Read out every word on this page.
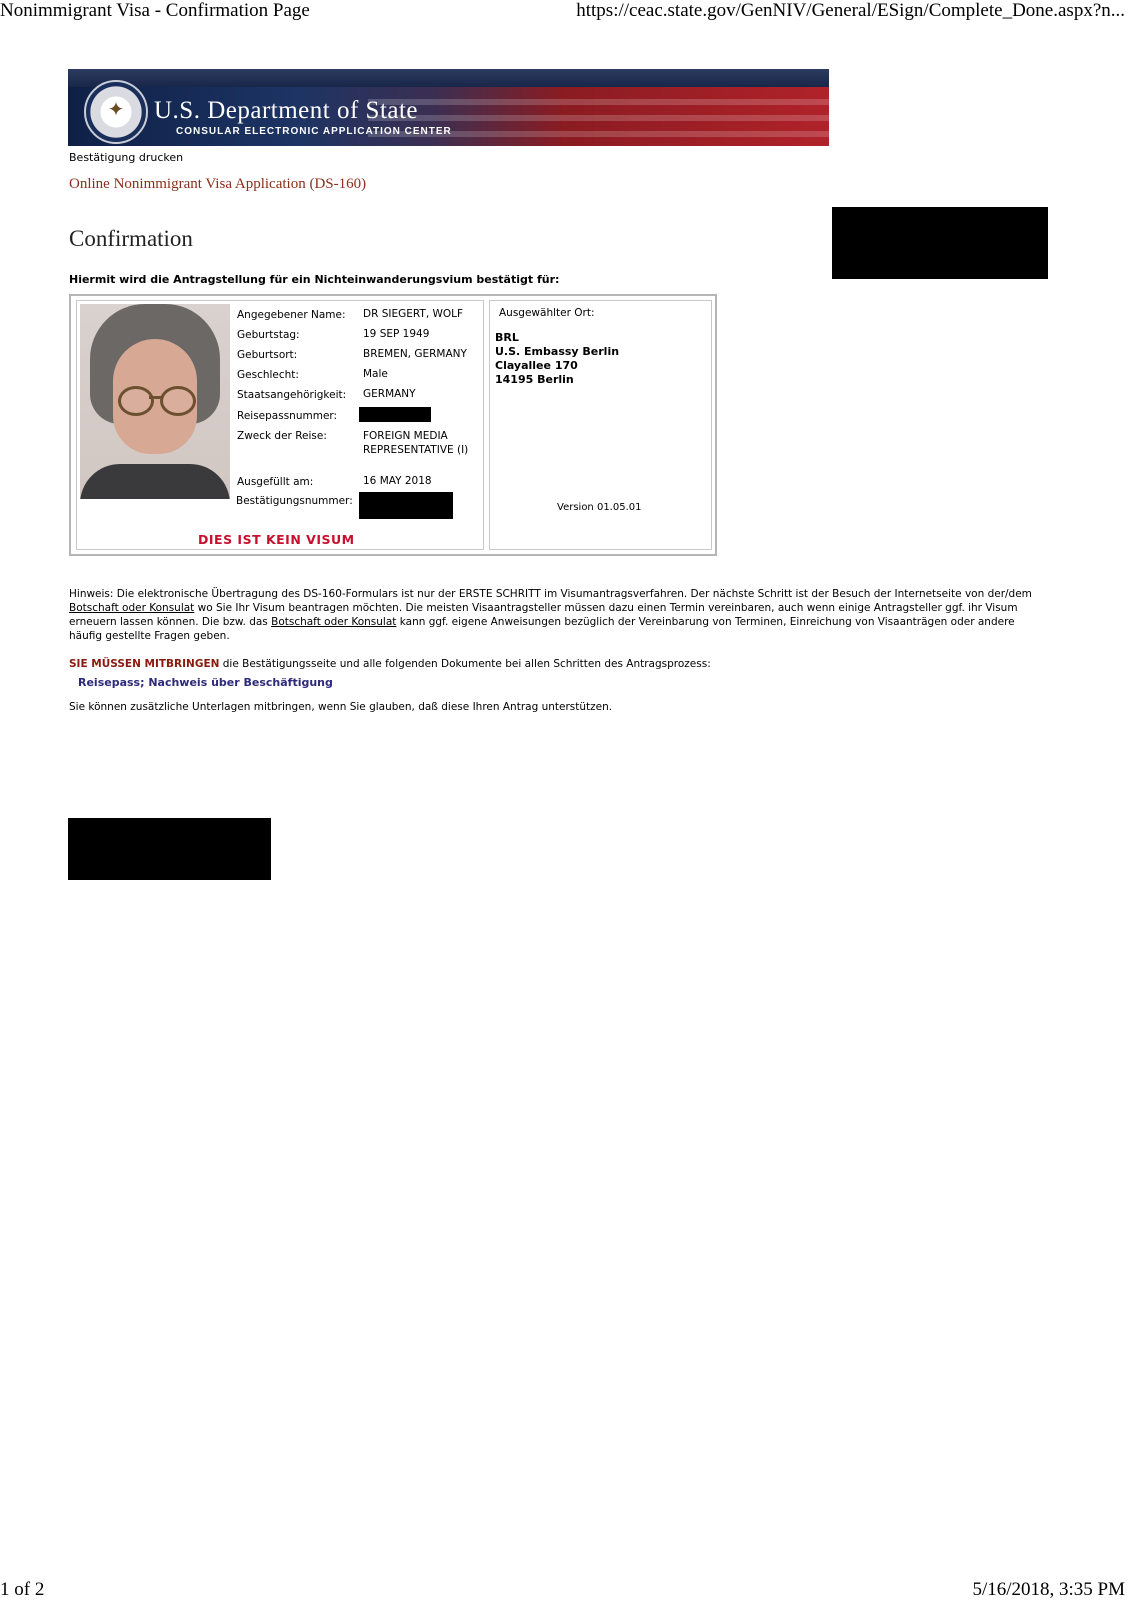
Nonimmigrant Visa - Confirmation Page	https://ceac.state.gov/GenNIV/General/ESign/Complete_Done.aspx?n...
1 of 2	5/16/2018, 3:35 PM
✦ U.S. Department of State
CONSULAR ELECTRONIC APPLICATION CENTER
Bestätigung drucken
Online Nonimmigrant Visa Application (DS-160)
Confirmation
Hiermit wird die Antragstellung für ein Nichteinwanderungsvium bestätigt für:
Angegebener Name: DR SIEGERT, WOLF
Geburtstag:	19 SEP 1949
Geburtsort:	BREMEN, GERMANY
Geschlecht:	Male
Staatsangehörigkeit: GERMANY
Reisepassnummer:
Zweck der Reise:	FOREIGN MEDIA REPRESENTATIVE (I)
Ausgefüllt am:	16 MAY 2018
Bestätigungsnummer:
DIES IST KEIN VISUM
Ausgewählter Ort:
BRL
U.S. Embassy Berlin
Clayallee 170
14195 Berlin
Version 01.05.01
Hinweis: Die elektronische Übertragung des DS-160-Formulars ist nur der ERSTE SCHRITT im Visumantragsverfahren. Der nächste Schritt ist der Besuch der Internetseite von der/dem Botschaft oder Konsulat wo Sie Ihr Visum beantragen möchten. Die meisten Visaantragsteller müssen dazu einen Termin vereinbaren, auch wenn einige Antragsteller ggf. ihr Visum erneuern lassen können. Die bzw. das Botschaft oder Konsulat kann ggf. eigene Anweisungen bezüglich der Vereinbarung von Terminen, Einreichung von Visaanträgen oder andere häufig gestellte Fragen geben.
SIE MÜSSEN MITBRINGEN die Bestätigungsseite und alle folgenden Dokumente bei allen Schritten des Antragsprozess:
Reisepass; Nachweis über Beschäftigung
Sie können zusätzliche Unterlagen mitbringen, wenn Sie glauben, daß diese Ihren Antrag unterstützen.
